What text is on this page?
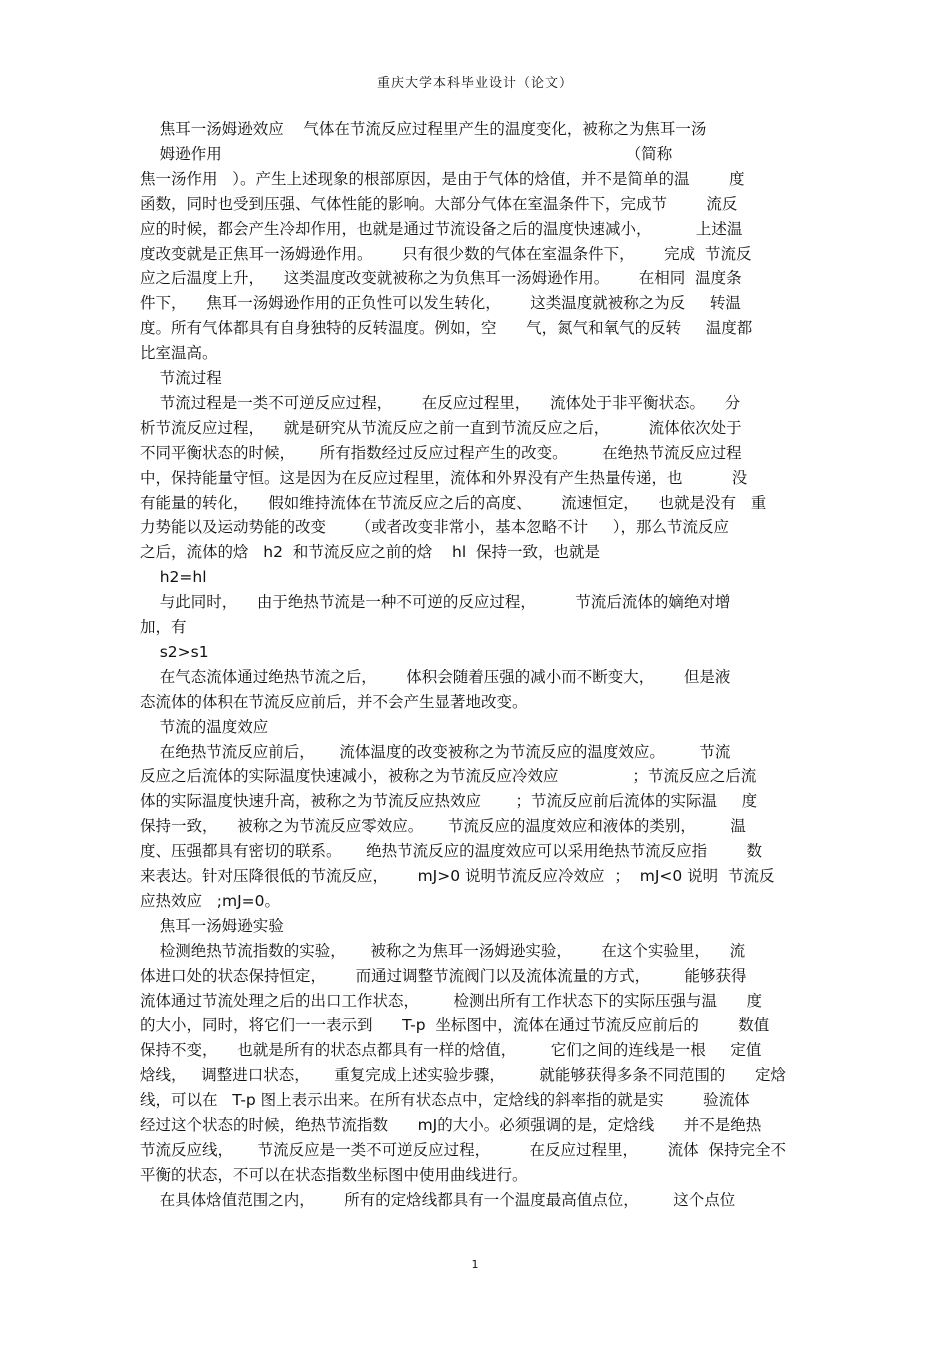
重庆大学本科毕业设计（论文）
焦耳一汤姆逊效应    气体在节流反应过程里产生的温度变化，被称之为焦耳一汤
姆逊作用                                                                                  （简称
焦一汤作用   ）。产生上述现象的根部原因，是由于气体的焓值，并不是简单的温        度
函数，同时也受到压强、气体性能的影响。大部分气体在室温条件下，完成节        流反
应的时候，都会产生冷却作用，也就是通过节流设备之后的温度快速减小，         上述温
度改变就是正焦耳一汤姆逊作用。      只有很少数的气体在室温条件下，      完成  节流反
应之后温度上升，    这类温度改变就被称之为负焦耳一汤姆逊作用。      在相同  温度条
件下，    焦耳一汤姆逊作用的正负性可以发生转化，      这类温度就被称之为反     转温
度。所有气体都具有自身独特的反转温度。例如，空      气，氮气和氧气的反转     温度都
比室温高。
节流过程
节流过程是一类不可逆反应过程，      在反应过程里，    流体处于非平衡状态。    分
析节流反应过程，    就是研究从节流反应之前一直到节流反应之后，        流体依次处于
不同平衡状态的时候，     所有指数经过反应过程产生的改变。       在绝热节流反应过程
中，保持能量守恒。这是因为在反应过程里，流体和外界没有产生热量传递，也          没
有能量的转化，    假如维持流体在节流反应之后的高度、      流速恒定，    也就是没有   重
力势能以及运动势能的改变      （或者改变非常小，基本忽略不计     ），那么节流反应
之后，流体的焓   h2  和节流反应之前的焓    hl  保持一致，也就是
h2=hl
与此同时，    由于绝热节流是一种不可逆的反应过程，        节流后流体的嫡绝对增
加，有
s2>s1
在气态流体通过绝热节流之后，      体积会随着压强的减小而不断变大，      但是液
态流体的体积在节流反应前后，并不会产生显著地改变。
节流的温度效应
在绝热节流反应前后，     流体温度的改变被称之为节流反应的温度效应。       节流
反应之后流体的实际温度快速减小，被称之为节流反应冷效应               ；节流反应之后流
体的实际温度快速升高，被称之为节流反应热效应       ；节流反应前后流体的实际温     度
保持一致，    被称之为节流反应零效应。     节流反应的温度效应和液体的类别，       温
度、压强都具有密切的联系。     绝热节流反应的温度效应可以采用绝热节流反应指        数
来表达。针对压降很低的节流反应，      mJ>0 说明节流反应冷效应  ；  mJ<0 说明  节流反
应热效应   ;mJ=0。
焦耳一汤姆逊实验
检测绝热节流指数的实验，     被称之为焦耳一汤姆逊实验，      在这个实验里，    流
体进口处的状态保持恒定，      而通过调整节流阀门以及流体流量的方式，       能够获得
流体通过节流处理之后的出口工作状态，       检测出所有工作状态下的实际压强与温      度
的大小，同时，将它们一一表示到      T-p  坐标图中，流体在通过节流反应前后的        数值
保持不变，    也就是所有的状态点都具有一样的焓值，       它们之间的连线是一根     定值
焓线，   调整进口状态，     重复完成上述实验步骤，       就能够获得多条不同范围的      定焓
线，可以在   T-p 图上表示出来。在所有状态点中，定焓线的斜率指的就是实        验流体
经过这个状态的时候，绝热节流指数      mJ的大小。必须强调的是，定焓线      并不是绝热
节流反应线，     节流反应是一类不可逆反应过程，        在反应过程里，      流体  保持完全不
平衡的状态，不可以在状态指数坐标图中使用曲线进行。
在具体焓值范围之内，      所有的定焓线都具有一个温度最高值点位，       这个点位
1
